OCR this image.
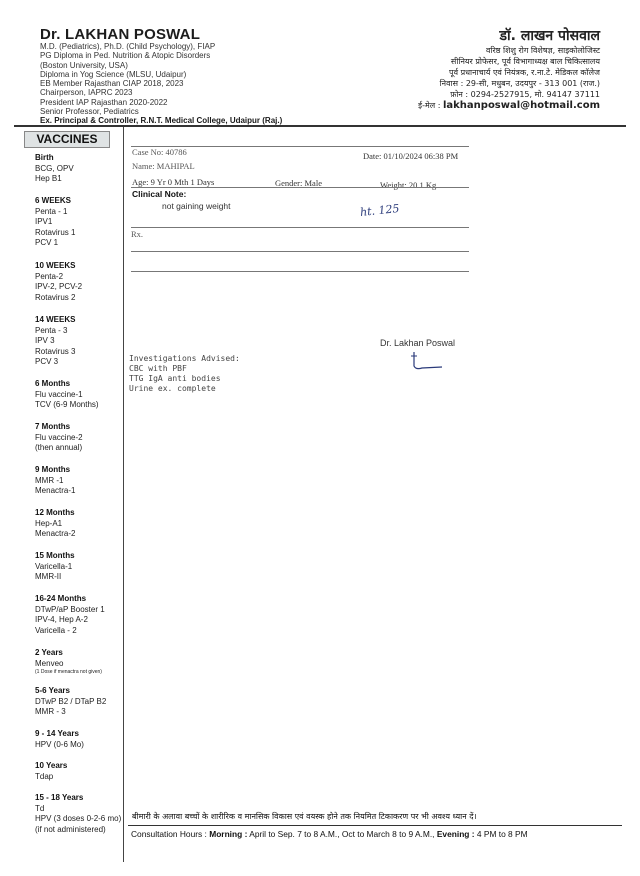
Dr. LAKHAN POSWAL
M.D. (Pediatrics), Ph.D. (Child Psychology), FIAP
PG Diploma in Ped. Nutrition & Atopic Disorders
(Boston University, USA)
Diploma in Yog Science (MLSU, Udaipur)
EB Member Rajasthan CIAP 2018, 2023
Chairperson, IAPRC 2023
President IAP Rajasthan 2020-2022
Senior Professor, Pediatrics
Ex. Principal & Controller, R.N.T. Medical College, Udaipur (Raj.)
डॉ. लाखन पोसवाल
वरिष्ठ शिशु रोग विशेषज्ञ, साइकोलोजिस्ट
सीनियर प्रोफेसर, पूर्व विभागाध्यक्ष बाल चिकित्सालय
पूर्व प्रधानाचार्य एवं नियंत्रक, र.ना.टे. मेडिकल कॉलेज
निवास : 29-सी, मधुबन, उदयपुर - 313 001 (राज.)
फ़ोन : 0294-2527915, मो. 94147 37111
ई-मेल : lakhanposwal@hotmail.com
VACCINES
Birth
BCG, OPV
Hep B1
6 WEEKS
Penta - 1
IPV1
Rotavirus 1
PCV 1
10 WEEKS
Penta-2
IPV-2, PCV-2
Rotavirus 2
14 WEEKS
Penta - 3
IPV 3
Rotavirus 3
PCV 3
6 Months
Flu vaccine-1
TCV (6-9 Months)
7 Months
Flu vaccine-2
(then annual)
9 Months
MMR -1
Menactra-1
12 Months
Hep-A1
Menactra-2
15 Months
Varicella-1
MMR-II
16-24 Months
DTwP/aP Booster 1
IPV-4, Hep A-2
Varicella - 2
2 Years
Menveo
(1 Dose if menactra not given)
5-6 Years
DTwP B2 / DTaP B2
MMR - 3
9 - 14 Years
HPV (0-6 Mo)
10 Years
Tdap
15 - 18 Years
Td
HPV (3 doses 0-2-6 mo)
(if not administered)
Case No: 40786	Date: 01/10/2024 06:38 PM
Name: MAHIPAL
Age: 9 Yr 0 Mth 1 Days	Gender: Male	Weight: 20.1 Kg
Clinical Note:
not gaining weight	ht. 125
Rx.
Dr. Lakhan Poswal
Investigations Advised:
CBC with PBF
TTG IgA anti bodies
Urine ex. complete
बीमारी के अलावा बच्चों के शारीरिक व मानसिक विकास एवं वयस्क होने तक नियमित टिकाकरण पर भी अवश्य ध्यान दें।
Consultation Hours : Morning : April to Sep. 7 to 8 A.M., Oct to March 8 to 9 A.M., Evening : 4 PM to 8 PM
